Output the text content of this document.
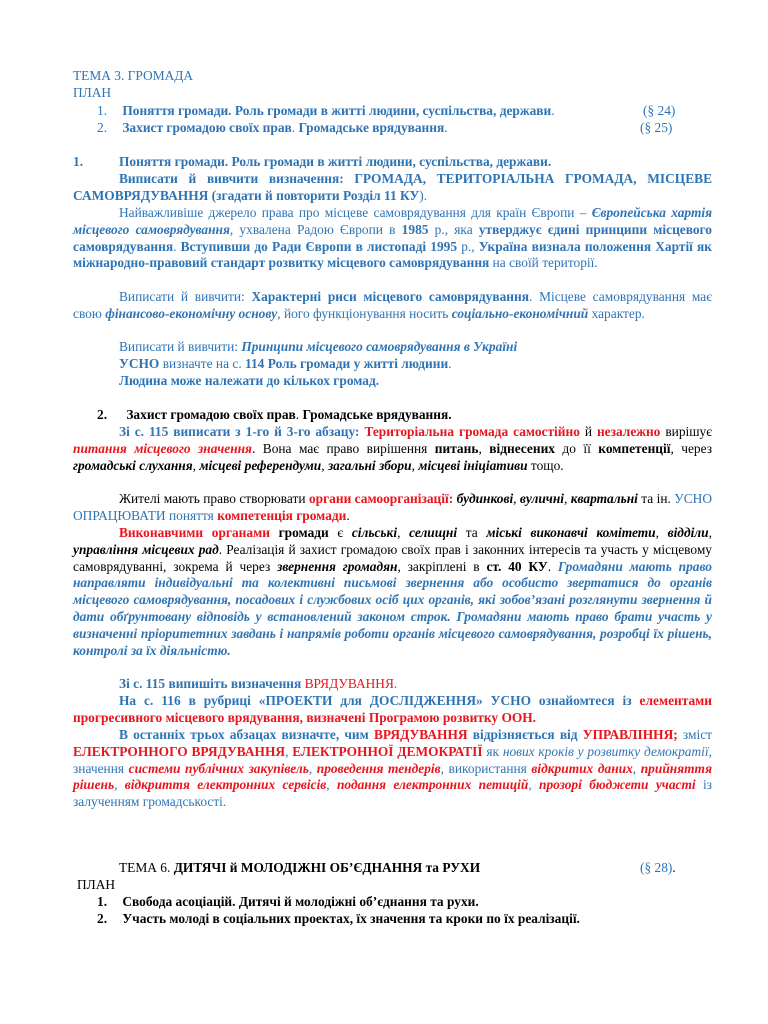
ТЕМА 3. ГРОМАДА
ПЛАН
1. Поняття громади. Роль громади в житті людини, суспільства, держави.	(§ 24)
2. Захист громадою своїх прав. Громадське врядування.	(§ 25)
1.	Поняття громади. Роль громади в житті людини, суспільства, держави.
Виписати й вивчити визначення: ГРОМАДА, ТЕРИТОРІАЛЬНА ГРОМАДА, МІСЦЕВЕ САМОВРЯДУВАННЯ (згадати й повторити Розділ 11 КУ).
Найважливіше джерело права про місцеве самоврядування для країн Європи – Європейська хартія місцевого самоврядування, ухвалена Радою Європи в 1985 р., яка утверджує єдині принципи місцевого самоврядування. Вступивши до Ради Європи в листопаді 1995 р., Україна визнала положення Хартії як міжнародно-правовий стандарт розвитку місцевого самоврядування на своїй території.
Виписати й вивчити: Характерні риси місцевого самоврядування. Місцеве самоврядування має свою фінансово-економічну основу, його функціонування носить соціально-економічний характер.
Виписати й вивчити: Принципи місцевого самоврядування в Україні
УСНО визначте на с. 114 Роль громади у житті людини.
Людина може належати до кількох громад.
2. Захист громадою своїх прав. Громадське врядування.
Зі с. 115 виписати з 1-го й 3-го абзацу: Територіальна громада самостійно й незалежно вирішує питання місцевого значення. Вона має право вирішення питань, віднесених до її компетенції, через громадські слухання, місцеві референдуми, загальні збори, місцеві ініціативи тощо.
Жителі мають право створювати органи самоорганізації: будинкові, вуличні, квартальні та ін. УСНО ОПРАЦЮВАТИ поняття компетенція громади.
Виконавчими органами громади є сільські, селищні та міські виконавчі комітети, відділи, управління місцевих рад. Реалізація й захист громадою своїх прав і законних інтересів та участь у місцевому самоврядуванні, зокрема й через звернення громадян, закріплені в ст. 40 КУ. Громадяни мають право направляти індивідуальні та колективні письмові звернення або особисто звертатися до органів місцевого самоврядування, посадових і службових осіб цих органів, які зобов’язані розглянути звернення й дати обґрунтовану відповідь у встановлений законом строк. Громадяни мають право брати участь у визначенні пріоритетних завдань і напрямів роботи органів місцевого самоврядування, розробці їх рішень, контролі за їх діяльністю.
Зі с. 115 випишіть визначення ВРЯДУВАННЯ.
На с. 116 в рубриці «ПРОЕКТИ для ДОСЛІДЖЕННЯ» УСНО ознайомтеся із елементами прогресивного місцевого врядування, визначені Програмою розвитку ООН.
В останніх трьох абзацах визначте, чим ВРЯДУВАННЯ відрізняється від УПРАВЛІННЯ; зміст ЕЛЕКТРОННОГО ВРЯДУВАННЯ, ЕЛЕКТРОННОЇ ДЕМОКРАТІЇ як нових кроків у розвитку демократії, значення системи публічних закупівель, проведення тендерів, використання відкритих даних, прийняття рішень, відкриття електронних сервісів, подання електронних петицій, прозорі бюджети участі із залученням громадськості.
ТЕМА 6. ДИТЯЧІ й МОЛОДІЖНІ ОБ’ЄДНАННЯ та РУХИ	(§ 28).
ПЛАН
1. Свобода асоціацій. Дитячі й молодіжні об’єднання та рухи.
2. Участь молоді в соціальних проектах, їх значення та кроки по їх реалізації.
